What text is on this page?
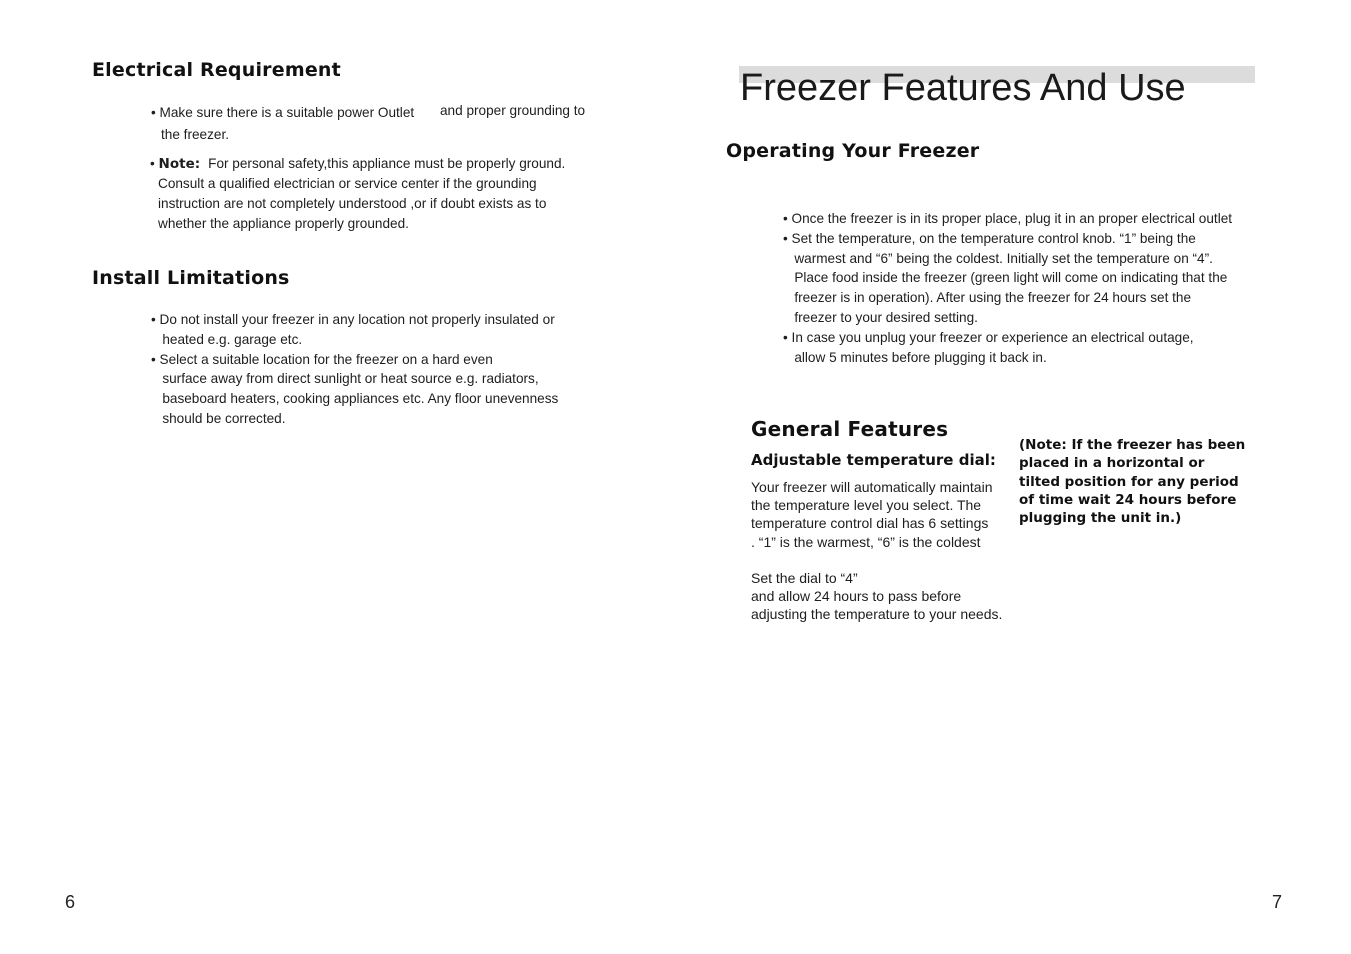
Electrical Requirement
• Make sure there is a suitable power Outlet and proper grounding to
the freezer.
• Note: For personal safety,this appliance must be properly ground.
Consult a qualified electrician or service center if the grounding
instruction are not completely understood ,or if doubt exists as to
whether the appliance properly grounded.
Install Limitations
• Do not install your freezer in any location not properly insulated or
heated e.g. garage etc.
• Select a suitable location for the freezer on a hard even
surface away from direct sunlight or heat source e.g. radiators,
baseboard heaters, cooking appliances etc. Any floor unevenness
should be corrected.
6
Freezer Features And Use
Operating Your Freezer
• Once the freezer is in its proper place, plug it in an proper electrical outlet
• Set the temperature, on the temperature control knob. “1” being the
warmest and “6” being the coldest. Initially set the temperature on “4”.
Place food inside the freezer (green light will come on indicating that the
freezer is in operation). After using the freezer for 24 hours set the
freezer to your desired setting.
• In case you unplug your freezer or experience an electrical outage,
allow 5 minutes before plugging it back in.
General Features
Adjustable temperature dial:
Your freezer will automatically maintain
the temperature level you select. The
temperature control dial has 6 settings
. “1” is the warmest, “6” is the coldest
Set the dial to “4”
and allow 24 hours to pass before
adjusting the temperature to your needs.
(Note: If the freezer has been
placed in a horizontal or
tilted position for any period
of time wait 24 hours before
plugging the unit in.)
7
